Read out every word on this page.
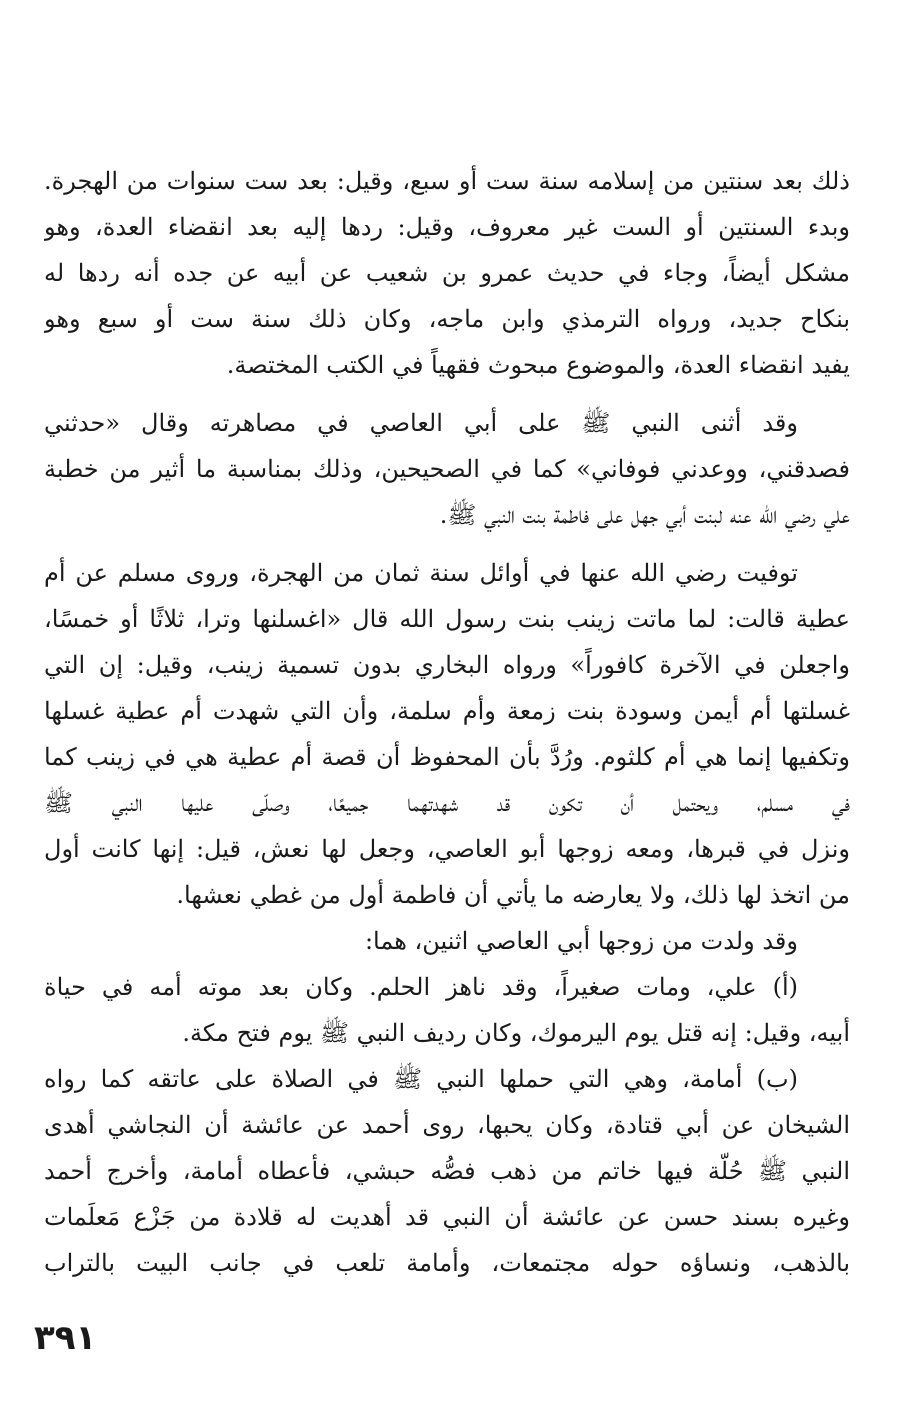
ذلك بعد سنتين من إسلامه سنة ست أو سبع، وقيل: بعد ست سنوات من الهجرة.
وبدء السنتين أو الست غير معروف، وقيل: ردها إليه بعد انقضاء العدة، وهو
مشكل أيضاً، وجاء في حديث عمرو بن شعيب عن أبيه عن جده أنه ردها له
بنكاح جديد، ورواه الترمذي وابن ماجه، وكان ذلك سنة ست أو سبع وهو
يفيد انقضاء العدة، والموضوع مبحوث فقهياً في الكتب المختصة.
وقد أثنى النبي ﷺ على أبي العاصي في مصاهرته وقال «حدثني
فصدقني، ووعدني فوفاني» كما في الصحيحين، وذلك بمناسبة ما أثير من خطبة
علي رضي الله عنه لبنت أبي جهل على فاطمة بنت النبي ﷺ.
توفيت رضي الله عنها في أوائل سنة ثمان من الهجرة، وروى مسلم عن أم
عطية قالت: لما ماتت زينب بنت رسول الله قال «اغسلنها وترا، ثلاثًا أو خمسًا،
واجعلن في الآخرة كافوراً» ورواه البخاري بدون تسمية زينب، وقيل: إن التي
غسلتها أم أيمن وسودة بنت زمعة وأم سلمة، وأن التي شهدت أم عطية غسلها
وتكفيها إنما هي أم كلثوم. ورُدَّ بأن المحفوظ أن قصة أم عطية هي في زينب كما
في مسلم، ويحتمل أن تكون قد شهدتهما جميعًا، وصلّى عليها النبي ﷺ
ونزل في قبرها، ومعه زوجها أبو العاصي، وجعل لها نعش، قيل: إنها كانت أول
من اتخذ لها ذلك، ولا يعارضه ما يأتي أن فاطمة أول من غطي نعشها.
وقد ولدت من زوجها أبي العاصي اثنين، هما:
(أ) علي، ومات صغيراً، وقد ناهز الحلم. وكان بعد موته أمه في حياة
أبيه، وقيل: إنه قتل يوم اليرموك، وكان رديف النبي ﷺ يوم فتح مكة.
(ب) أمامة، وهي التي حملها النبي ﷺ في الصلاة على عاتقه كما رواه
الشيخان عن أبي قتادة، وكان يحبها، روى أحمد عن عائشة أن النجاشي أهدى
النبي ﷺ حُلّة فيها خاتم من ذهب فصُّه حبشي، فأعطاه أمامة، وأخرج أحمد
وغيره بسند حسن عن عائشة أن النبي قد أهديت له قلادة من جَزْع مَعلَمات
بالذهب، ونساؤه حوله مجتمعات، وأمامة تلعب في جانب البيت بالتراب
٣٩١
